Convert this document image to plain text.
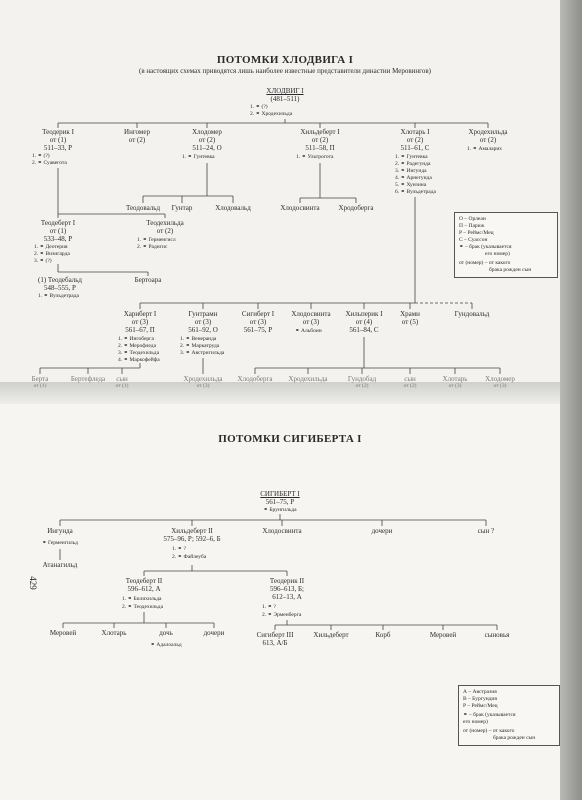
ПОТОМКИ ХЛОДВИГА I
(в настоящих схемах приводятся лишь наиболее известные представители династии Меровингов)
ХЛОДВИГ I
(481–511)
1. ⚭ (?)
2. ⚭ Хродехильда
Теодерик I
от (1)
511–33, Р
1. ⚭ (?)
2. ⚭ Суавегота
Ингомер
от (2)
Хлодомер
от (2)
511–24, О
1. ⚭ Гунтевка
Хильдеберт I
от (2)
511–58, П
1. ⚭ Ультрогота
Хлотарь I
от (2)
511–61, С
1. ⚭ Гунтевка
2. ⚭ Радегунда
3. ⚭ Ингунда
4. ⚭ Арнегунда
5. ⚭ Хунзина
6. ⚭ Вульдетрада
Хродехильда
от (2)
1. ⚭ Амаларих
Теодовальд Гунтар	Хлодовальд	Хлодосвинта	Хродоберга
Теодеберт I
от (1)
533–48, Р
1. ⚭ Деотерия
2. ⚭ Визигарда
3. ⚭ (?)
Теодехильда
от (2)
1. ⚭ Герменгисл
2. ⚭ Радигис
(1) Теодебальд
548–555, Р
1. ⚭ Вульдетрада
Бертоара
О – Орлеан
П – Париж
Р – Реймс/Мец
С – Суассон
⚭ – брак (указывается
его номер)
от (номер) – от какого
брака рожден сын
Хариберт I
от (3)
561–67, П
1. ⚭ Ингоберга
2. ⚭ Мерофледа
3. ⚭ Теодехильда
4. ⚭ Маркофейфа
Гунтрамн
от (3)
561–92, О
1. ⚭ Венеранда
2. ⚭ Маркатруда
3. ⚭ Австригильда
Сигиберт I
от (3)
561–75, Р
Хлодосвинта
от (3)
⚭ Альбоин
Хильперик I
от (4)
561–84, С
Храмн
от (5)
Гундовальд
Берта
от (1)
Бертефледа сын
от (1)
Хродехильда
от (3)
Хлодоберга Хродехильда	Гундобад
от (2)
сын
от (2)
Хлотарь
от (3)
Хлодомер
от (3)
ПОТОМКИ СИГИБЕРТА I
СИГИБЕРТ I
561–75, Р
⚭ Брунгильда
Ингунда
⚭ Герменгильд
Атанагильд
Хильдеберт II
575–96, Р; 592–6, Б
1. ⚭ ?
2. ⚭ Файлеуба
Хлодосвинта	дочери	сын ?
Теодеберт II
596–612, А
1. ⚭ Билихильда
2. ⚭ Теодехильда
Теодерик II
596–613, Б;
612–13, А
1. ⚭ ?
2. ⚭ Эрменберга
Меровей	Хлотарь	дочь	дочери
⚭ Адалоальд
Сигиберт III
613, А/Б
Хильдеберт	Корб	Меровей	сыновья
А – Австразия
В – Бургундия
Р – Реймс/Мец
⚭ – брак (указывается
его номер)
от (номер) – от какого
брака рожден сын
429
